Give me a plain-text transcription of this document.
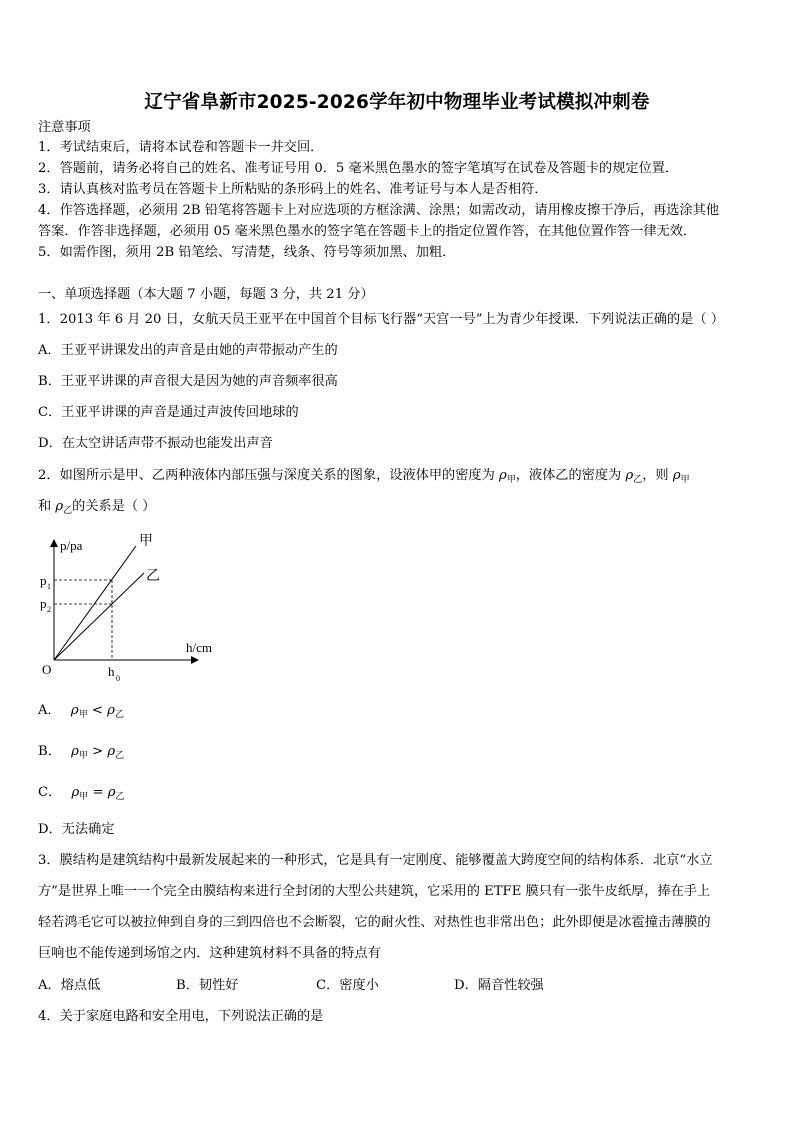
辽宁省阜新市2025-2026学年初中物理毕业考试模拟冲刺卷
注意事项
1．考试结束后，请将本试卷和答题卡一并交回．
2．答题前，请务必将自己的姓名、准考证号用 0．5 毫米黑色墨水的签字笔填写在试卷及答题卡的规定位置．
3．请认真核对监考员在答题卡上所粘贴的条形码上的姓名、准考证号与本人是否相符．
4．作答选择题，必须用 2B 铅笔将答题卡上对应选项的方框涂满、涂黑；如需改动，请用橡皮擦干净后，再选涂其他
答案．作答非选择题，必须用 05 毫米黑色墨水的签字笔在答题卡上的指定位置作答，在其他位置作答一律无效．
5．如需作图，须用 2B 铅笔绘、写清楚，线条、符号等须加黑、加粗．
一、单项选择题（本大题 7 小题，每题 3 分，共 21 分）
1．2013 年 6 月 20 日，女航天员王亚平在中国首个目标飞行器“天宫一号”上为青少年授课．下列说法正确的是（ ）
A．王亚平讲课发出的声音是由她的声带振动产生的
B．王亚平讲课的声音很大是因为她的声音频率很高
C．王亚平讲课的声音是通过声波传回地球的
D．在太空讲话声带不振动也能发出声音
2．如图所示是甲、乙两种液体内部压强与深度关系的图象，设液体甲的密度为 $\rho_甲$，液体乙的密度为 $\rho_乙$，则 $\rho_甲$
和 $\rho_乙$的关系是（ ）
p/pa
h/cm
O
p 1
p 2
h 0
甲
乙
A． $\rho_甲 < \rho_乙$
B． $\rho_甲 > \rho_乙$
C． $\rho_甲 = \rho_乙$
D．无法确定
3．膜结构是建筑结构中最新发展起来的一种形式，它是具有一定刚度、能够覆盖大跨度空间的结构体系．北京“水立
方”是世界上唯一一个完全由膜结构来进行全封闭的大型公共建筑，它采用的 ETFE 膜只有一张牛皮纸厚，捧在手上
轻若鸿毛它可以被拉伸到自身的三到四倍也不会断裂，它的耐火性、对热性也非常出色；此外即便是冰雹撞击薄膜的
巨响也不能传递到场馆之内．这种建筑材料不具备的特点有
A．熔点低	B．韧性好	C．密度小	D．隔音性较强
4．关于家庭电路和安全用电，下列说法正确的是
